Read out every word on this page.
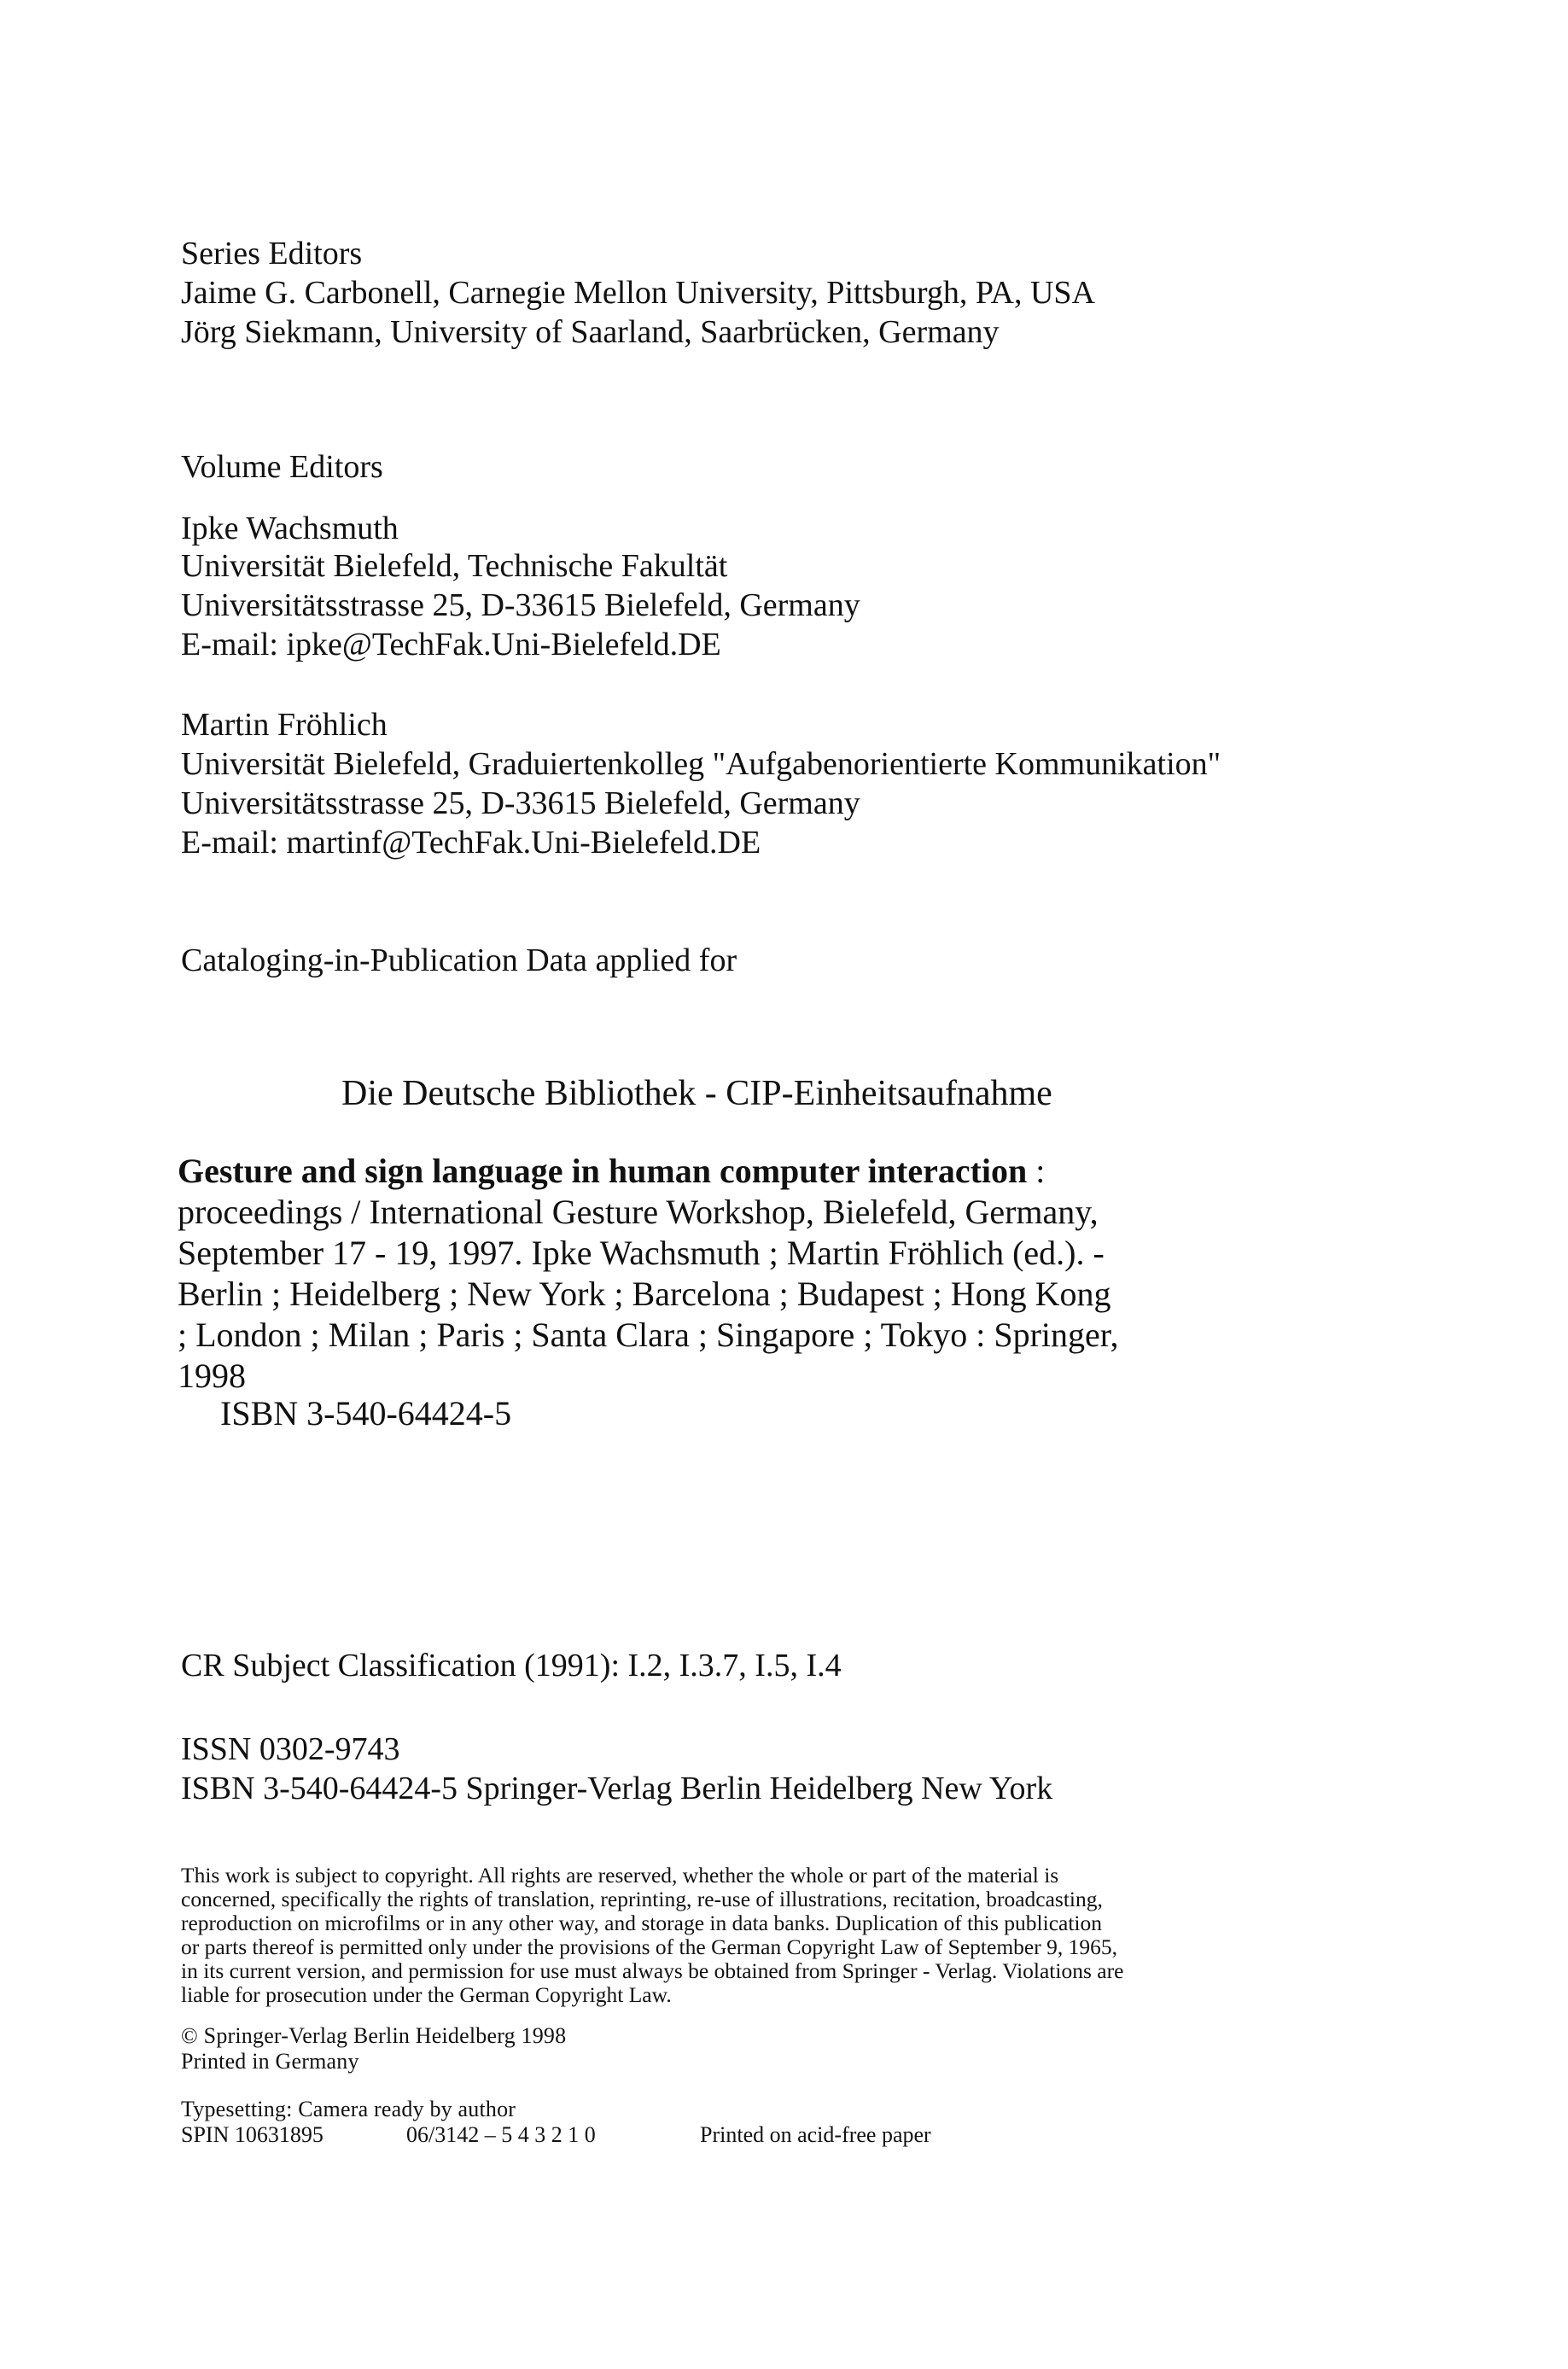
Series Editors
Jaime G. Carbonell, Carnegie Mellon University, Pittsburgh, PA, USA
Jörg Siekmann, University of Saarland, Saarbrücken, Germany
Volume Editors
Ipke Wachsmuth
Universität Bielefeld, Technische Fakultät
Universitätsstrasse 25, D-33615 Bielefeld, Germany
E-mail: ipke@TechFak.Uni-Bielefeld.DE
Martin Fröhlich
Universität Bielefeld, Graduiertenkolleg "Aufgabenorientierte Kommunikation"
Universitätsstrasse 25, D-33615 Bielefeld, Germany
E-mail: martinf@TechFak.Uni-Bielefeld.DE
Cataloging-in-Publication Data applied for
Die Deutsche Bibliothek - CIP-Einheitsaufnahme
Gesture and sign language in human computer interaction :
proceedings / International Gesture Workshop, Bielefeld, Germany,
September 17 - 19, 1997. Ipke Wachsmuth ; Martin Fröhlich (ed.). -
Berlin ; Heidelberg ; New York ; Barcelona ; Budapest ; Hong Kong
; London ; Milan ; Paris ; Santa Clara ; Singapore ; Tokyo : Springer,
1998
ISBN 3-540-64424-5
CR Subject Classification (1991): I.2, I.3.7, I.5, I.4
ISSN 0302-9743
ISBN 3-540-64424-5 Springer-Verlag Berlin Heidelberg New York
This work is subject to copyright. All rights are reserved, whether the whole or part of the material is
concerned, specifically the rights of translation, reprinting, re-use of illustrations, recitation, broadcasting,
reproduction on microfilms or in any other way, and storage in data banks. Duplication of this publication
or parts thereof is permitted only under the provisions of the German Copyright Law of September 9, 1965,
in its current version, and permission for use must always be obtained from Springer - Verlag. Violations are
liable for prosecution under the German Copyright Law.
© Springer-Verlag Berlin Heidelberg 1998
Printed in Germany
Typesetting: Camera ready by author
SPIN 10631895	06/3142 – 5 4 3 2 1 0	Printed on acid-free paper
